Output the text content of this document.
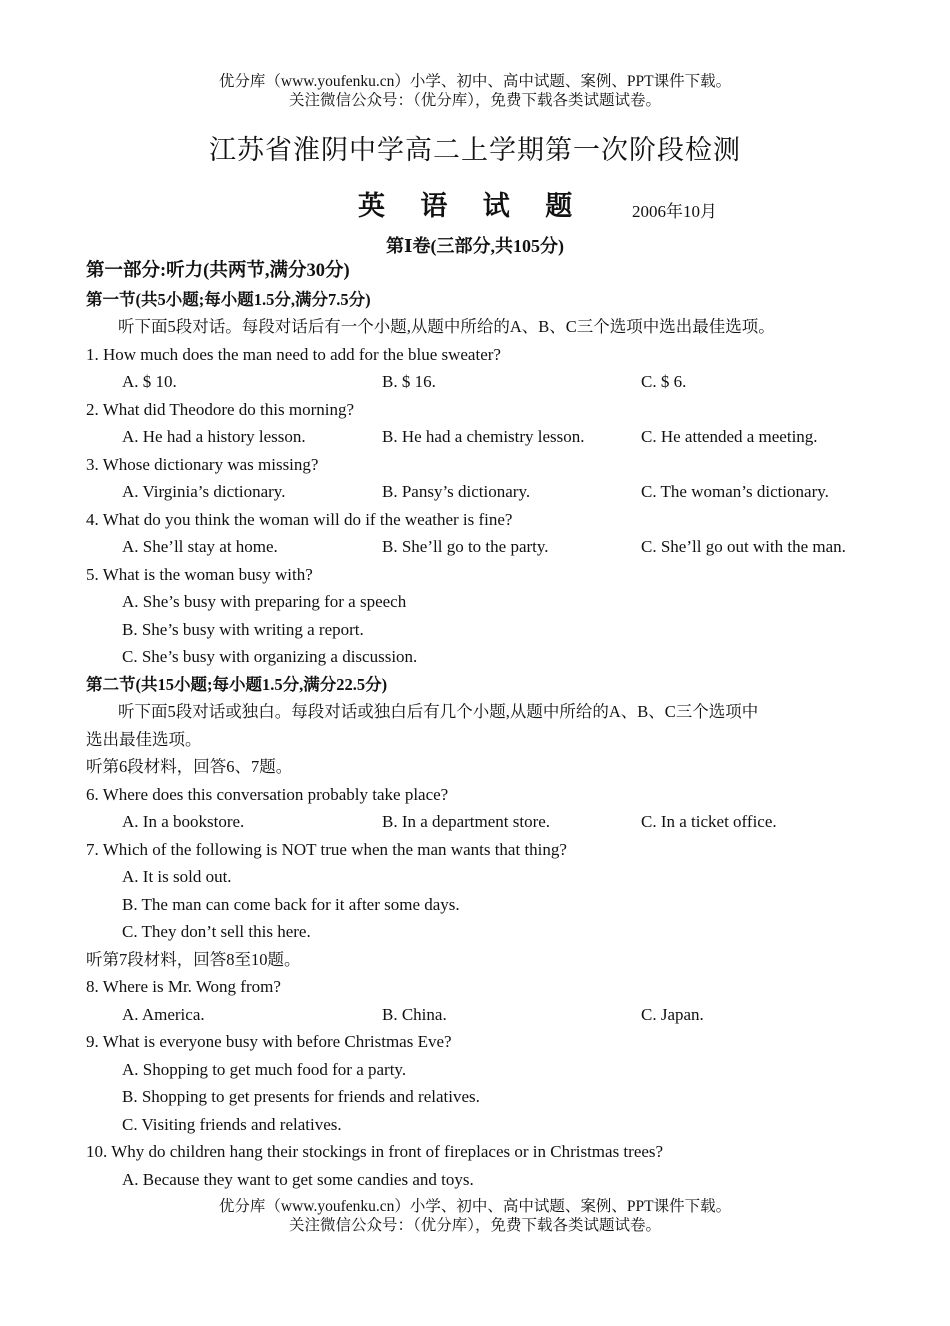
优分库（www.youfenku.cn）小学、初中、高中试题、案例、PPT课件下载。
关注微信公众号：（优分库），免费下载各类试题试卷。
江苏省淮阴中学高二上学期第一次阶段检测
英 语 试 题	2006年10月
第Ⅰ卷(三部分,共105分)
第一部分:听力(共两节,满分30分)
第一节(共5小题;每小题1.5分,满分7.5分)
听下面5段对话。每段对话后有一个小题,从题中所给的A、B、C三个选项中选出最佳选项。
1. How much does the man need to add for the blue sweater?
A. $ 10.	B. $ 16.	C. $ 6.
2. What did Theodore do this morning?
A. He had a history lesson.	B. He had a chemistry lesson.	C. He attended a meeting.
3. Whose dictionary was missing?
A. Virginia’s dictionary.	B. Pansy’s dictionary.	C. The woman’s dictionary.
4. What do you think the woman will do if the weather is fine?
A. She’ll stay at home.	B. She’ll go to the party.	C. She’ll go out with the man.
5. What is the woman busy with?
A. She’s busy with preparing for a speech
B. She’s busy with writing a report.
C. She’s busy with organizing a discussion.
第二节(共15小题;每小题1.5分,满分22.5分)
听下面5段对话或独白。每段对话或独白后有几个小题,从题中所给的A、B、C三个选项中
选出最佳选项。
听第6段材料，回答6、7题。
6. Where does this conversation probably take place?
A. In a bookstore.	B. In a department store.	C. In a ticket office.
7. Which of the following is NOT true when the man wants that thing?
A. It is sold out.
B. The man can come back for it after some days.
C. They don’t sell this here.
听第7段材料，回答8至10题。
8. Where is Mr. Wong from?
A. America.	B. China.	C. Japan.
9. What is everyone busy with before Christmas Eve?
A. Shopping to get much food for a party.
B. Shopping to get presents for friends and relatives.
C. Visiting friends and relatives.
10. Why do children hang their stockings in front of fireplaces or in Christmas trees?
A. Because they want to get some candies and toys.
优分库（www.youfenku.cn）小学、初中、高中试题、案例、PPT课件下载。
关注微信公众号：（优分库），免费下载各类试题试卷。
